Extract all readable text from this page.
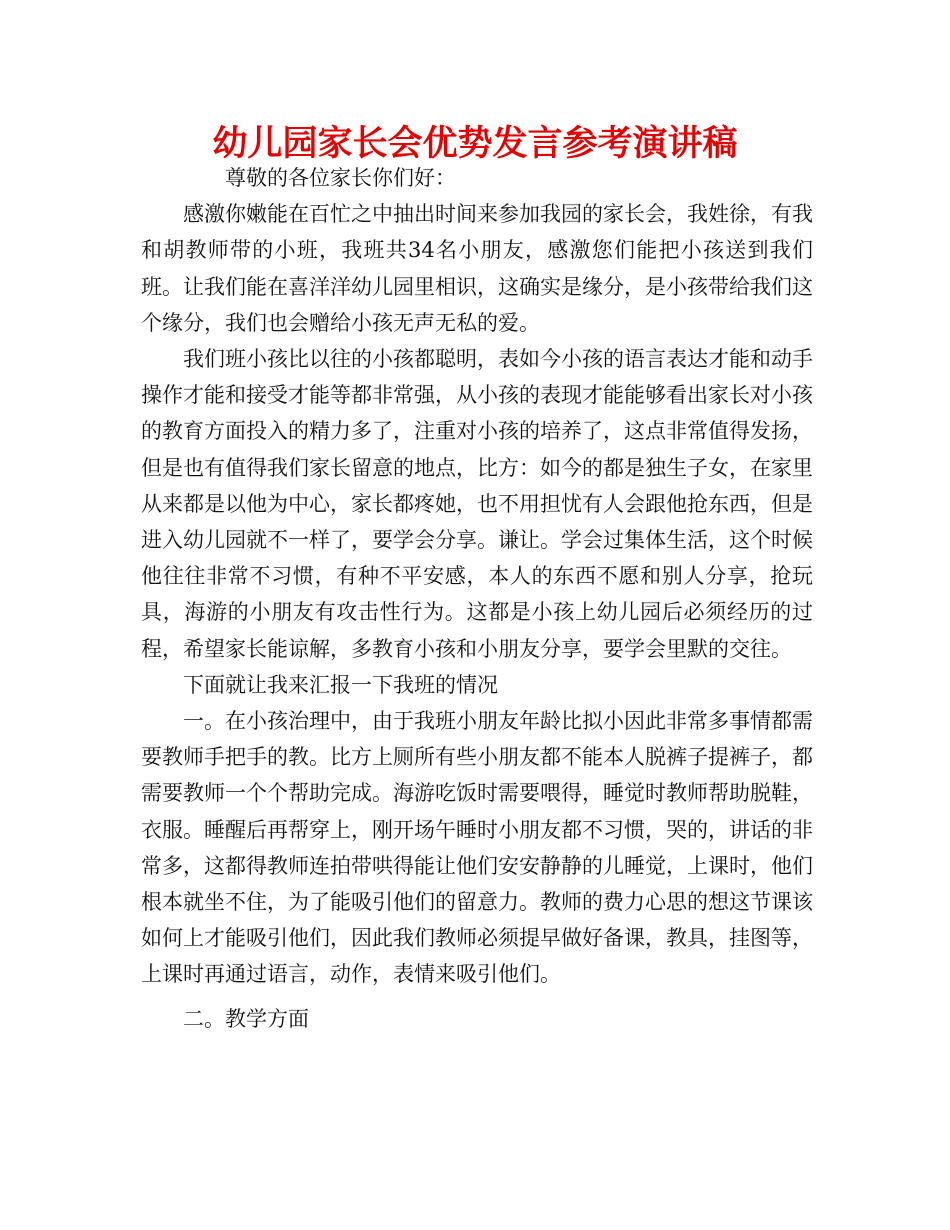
幼儿园家长会优势发言参考演讲稿

尊敬的各位家长你们好：

感激你嫩能在百忙之中抽出时间来参加我园的家长会，我姓徐，有我和胡教师带的小班，我班共34名小朋友，感激您们能把小孩送到我们班。让我们能在喜洋洋幼儿园里相识，这确实是缘分，是小孩带给我们这个缘分，我们也会赠给小孩无声无私的爱。

我们班小孩比以往的小孩都聪明，表如今小孩的语言表达才能和动手操作才能和接受才能等都非常强，从小孩的表现才能能够看出家长对小孩的教育方面投入的精力多了，注重对小孩的培养了，这点非常值得发扬，但是也有值得我们家长留意的地点，比方：如今的都是独生子女，在家里从来都是以他为中心，家长都疼她，也不用担忧有人会跟他抢东西，但是进入幼儿园就不一样了，要学会分享。谦让。学会过集体生活，这个时候他往往非常不习惯，有种不平安感，本人的东西不愿和别人分享，抢玩具，海游的小朋友有攻击性行为。这都是小孩上幼儿园后必须经历的过程，希望家长能谅解，多教育小孩和小朋友分享，要学会里默的交往。

下面就让我来汇报一下我班的情况

一。在小孩治理中，由于我班小朋友年龄比拟小因此非常多事情都需要教师手把手的教。比方上厕所有些小朋友都不能本人脱裤子提裤子，都需要教师一个个帮助完成。海游吃饭时需要喂得，睡觉时教师帮助脱鞋，衣服。睡醒后再帮穿上，刚开场午睡时小朋友都不习惯，哭的，讲话的非常多，这都得教师连拍带哄得能让他们安安静静的儿睡觉，上课时，他们根本就坐不住，为了能吸引他们的留意力。教师的费力心思的想这节课该如何上才能吸引他们，因此我们教师必须提早做好备课，教具，挂图等，上课时再通过语言，动作，表情来吸引他们。

二。教学方面
